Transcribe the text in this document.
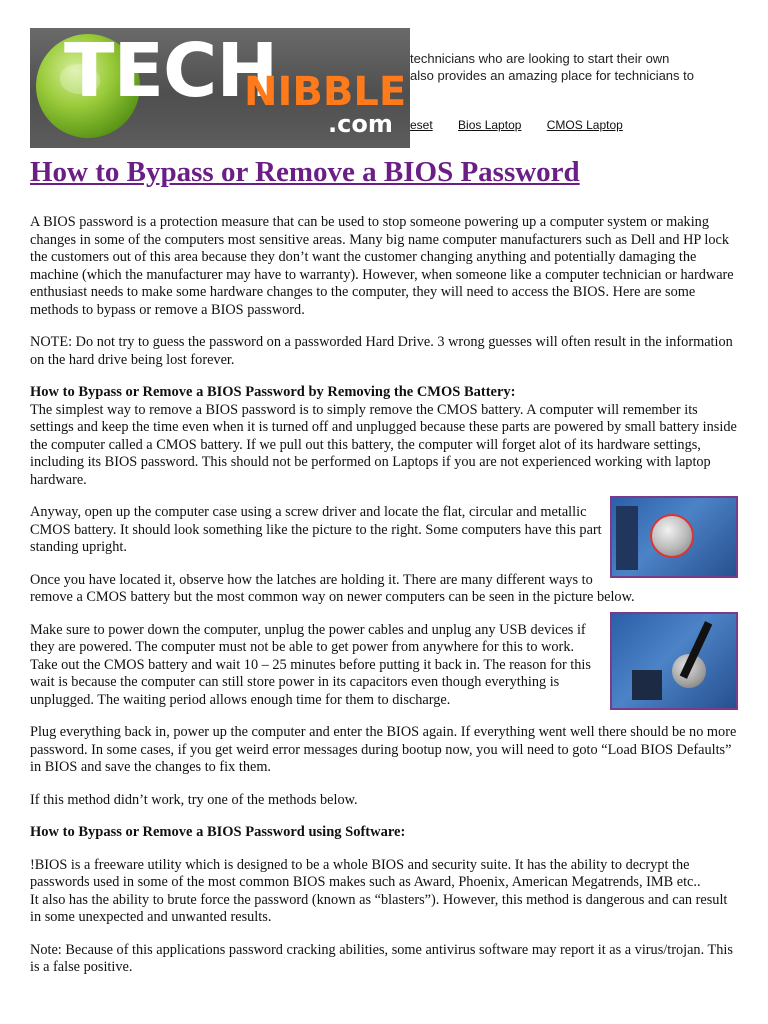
TECH
NIBBLE
.com
technicians who are looking to start their own
also provides an amazing place for technicians to
eset Bios Laptop CMOS Laptop
How to Bypass or Remove a BIOS Password

A BIOS password is a protection measure that can be used to stop someone powering up a computer system or making changes in some of the computers most sensitive areas. Many big name computer manufacturers such as Dell and HP lock the customers out of this area because they don’t want the customer changing anything and potentially damaging the machine (which the manufacturer may have to warranty). However, when someone like a computer technician or hardware enthusiast needs to make some hardware changes to the computer, they will need to access the BIOS. Here are some methods to bypass or remove a BIOS password.

NOTE: Do not try to guess the password on a passworded Hard Drive. 3 wrong guesses will often result in the information on the hard drive being lost forever.

How to Bypass or Remove a BIOS Password by Removing the CMOS Battery:

The simplest way to remove a BIOS password is to simply remove the CMOS battery. A computer will remember its settings and keep the time even when it is turned off and unplugged because these parts are powered by small battery inside the computer called a CMOS battery. If we pull out this battery, the computer will forget alot of its hardware settings, including its BIOS password. This should not be performed on Laptops if you are not experienced working with laptop hardware.

Anyway, open up the computer case using a screw driver and locate the flat, circular and metallic CMOS battery. It should look something like the picture to the right. Some computers have this part standing upright.

Once you have located it, observe how the latches are holding it. There are many different ways to remove a CMOS battery but the most common way on newer computers can be seen in the picture below.

Make sure to power down the computer, unplug the power cables and unplug any USB devices if they are powered. The computer must not be able to get power from anywhere for this to work. Take out the CMOS battery and wait 10 – 25 minutes before putting it back in. The reason for this wait is because the computer can still store power in its capacitors even though everything is unplugged. The waiting period allows enough time for them to discharge.

Plug everything back in, power up the computer and enter the BIOS again. If everything went well there should be no more password. In some cases, if you get weird error messages during bootup now, you will need to goto “Load BIOS Defaults” in BIOS and save the changes to fix them.

If this method didn’t work, try one of the methods below.

How to Bypass or Remove a BIOS Password using Software:

!BIOS is a freeware utility which is designed to be a whole BIOS and security suite. It has the ability to decrypt the passwords used in some of the most common BIOS makes such as Award, Phoenix, American Megatrends, IMB etc..

It also has the ability to brute force the password (known as “blasters”). However, this method is dangerous and can result in some unexpected and unwanted results.

Note: Because of this applications password cracking abilities, some antivirus software may report it as a virus/trojan. This is a false positive.
